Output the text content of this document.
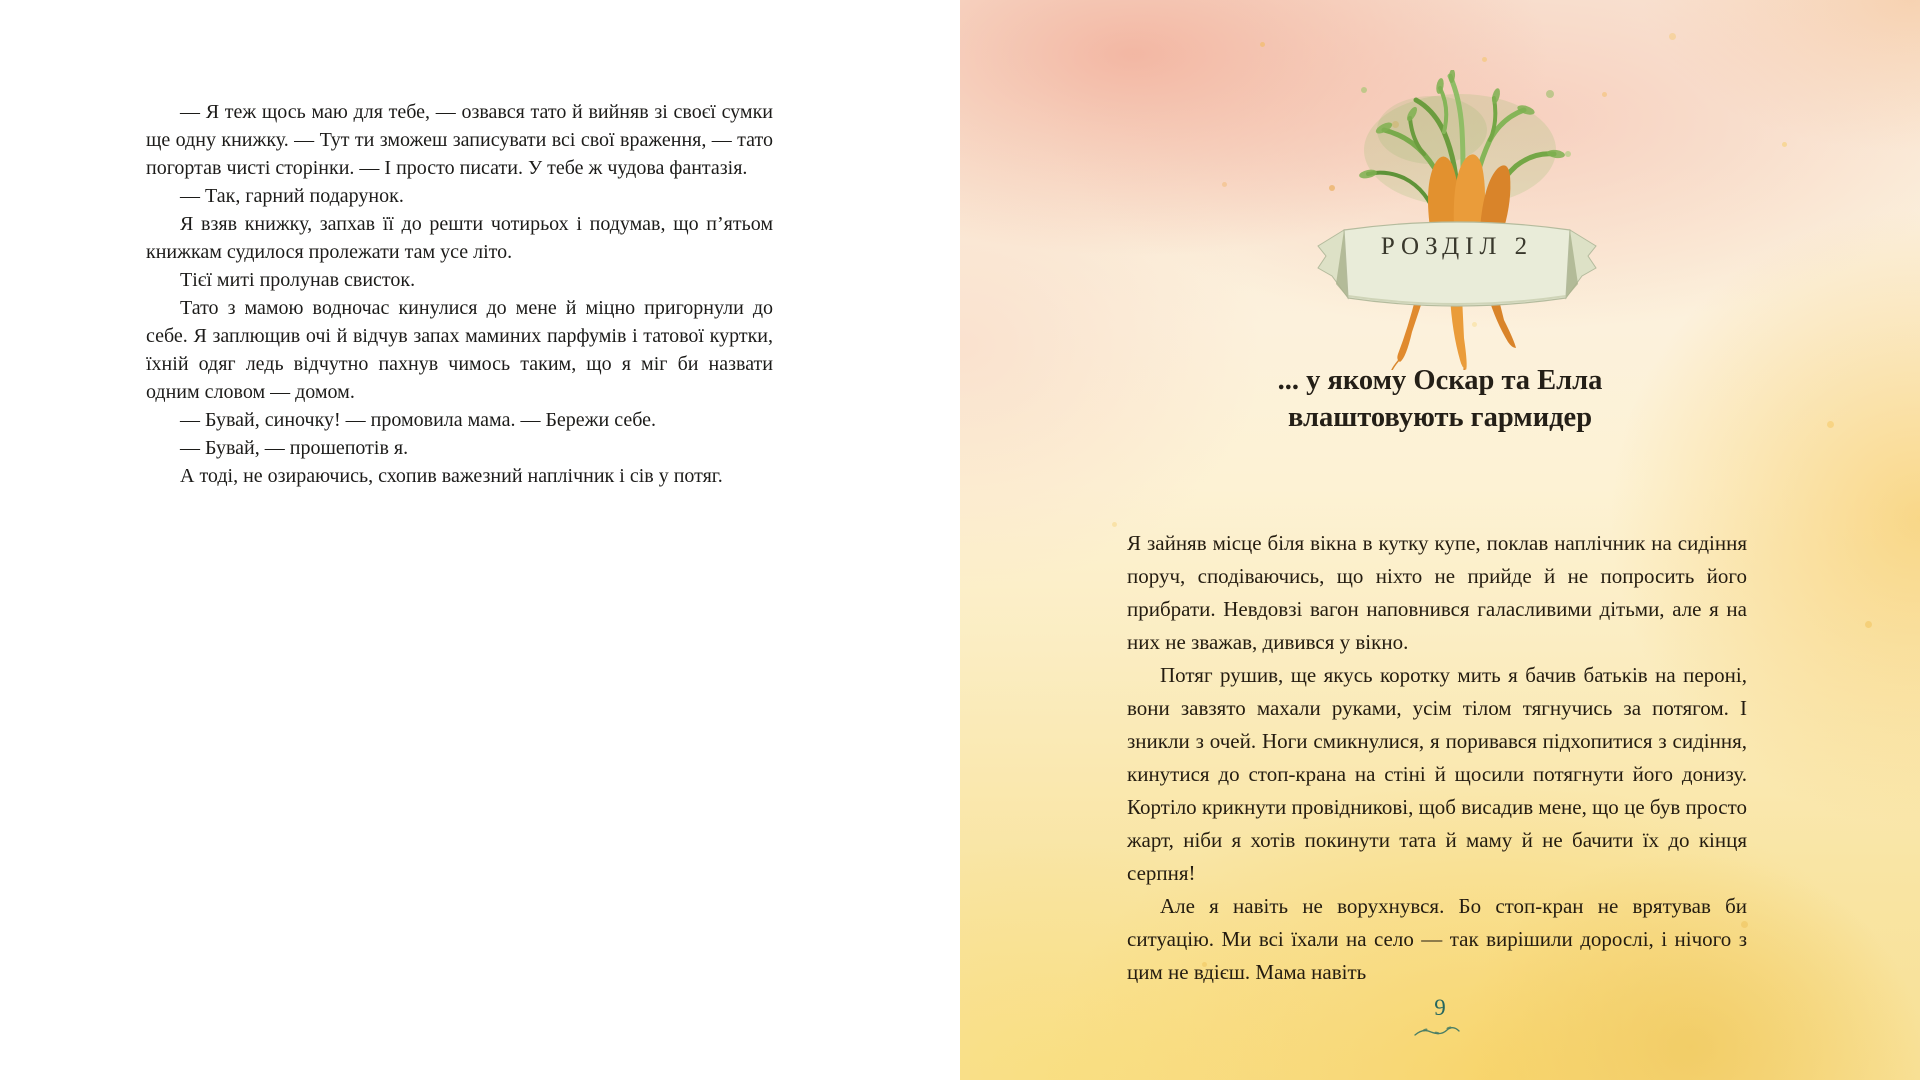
— Я теж щось маю для тебе, — озвався тато й вийняв зі своєї сумки ще одну книжку. — Тут ти зможеш записувати всі свої враження, — тато погортав чисті сторінки. — І просто писати. У тебе ж чудова фантазія.

— Так, гарний подарунок.

Я взяв книжку, запхав її до решти чотирьох і подумав, що п’ятьом книжкам судилося пролежати там усе літо.

Тієї миті пролунав свисток.

Тато з мамою водночас кинулися до мене й міцно пригорнули до себе. Я заплющив очі й відчув запах маминих парфумів і татової куртки, їхній одяг ледь відчутно пахнув чимось таким, що я міг би назвати одним словом — домом.

— Бувай, синочку! — промовила мама. — Бережи себе.

— Бувай, — прошепотів я.

А тоді, не озираючись, схопив важезний наплічник і сів у потяг.

РОЗДІЛ 2
... у якому Оскар та Елла
влаштовують гармидер

Я зайняв місце біля вікна в кутку купе, поклав наплічник на сидіння поруч, сподіваючись, що ніхто не прийде й не попросить його прибрати. Невдовзі вагон наповнився галасливими дітьми, але я на них не зважав, дивився у вікно.

Потяг рушив, ще якусь коротку мить я бачив батьків на пероні, вони завзято махали руками, усім тілом тягнучись за потягом. І зникли з очей. Ноги смикнулися, я поривався підхопитися з сидіння, кинутися до стоп-крана на стіні й щосили потягнути його донизу. Кортіло крикнути провідникові, щоб висадив мене, що це був просто жарт, ніби я хотів покинути тата й маму й не бачити їх до кінця серпня!

Але я навіть не ворухнувся. Бо стоп-кран не врятував би ситуацію. Ми всі їхали на село — так вирішили дорослі, і нічого з цим не вдієш. Мама навіть

9
